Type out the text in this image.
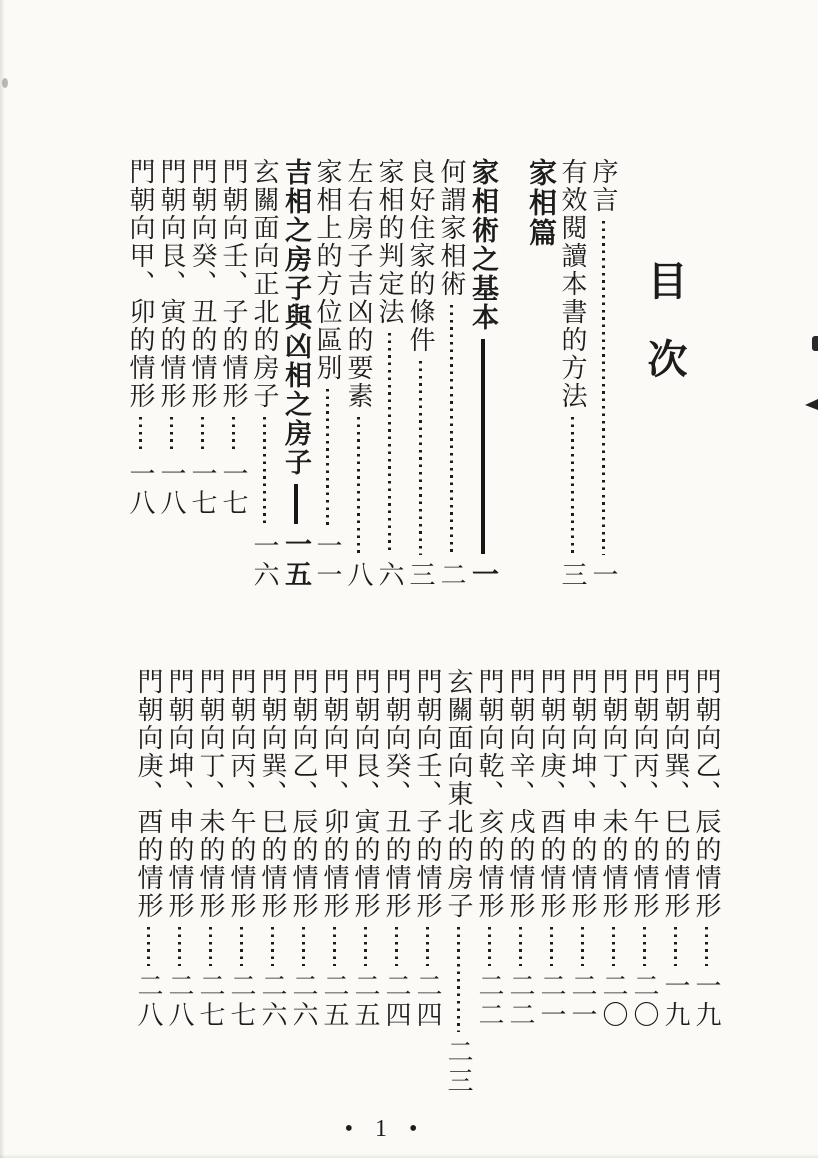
目次
序言
一
有效閱讀本書的方法
三
家相篇
家相術之基本
一
何謂家相術
二
良好住家的條件
三
家相的判定法
六
左右房子吉凶的要素
八
家相上的方位區別
一一
吉相之房子與凶相之房子
一五
玄關面向正北的房子
一六
門朝向壬、子的情形
一七
門朝向癸、丑的情形
一七
門朝向艮、寅的情形
一八
門朝向甲、卯的情形
一八
門朝向乙、辰的情形
一九
門朝向巽、巳的情形
一九
門朝向丙、午的情形
二〇
門朝向丁、未的情形
二〇
門朝向坤、申的情形
二一
門朝向庚、酉的情形
二一
門朝向辛、戌的情形
二二
門朝向乾、亥的情形
二二
玄關面向東北的房子
二三
門朝向壬、子的情形
二四
門朝向癸、丑的情形
二四
門朝向艮、寅的情形
二五
門朝向甲、卯的情形
二五
門朝向乙、辰的情形
二六
門朝向巽、巳的情形
二六
門朝向丙、午的情形
二七
門朝向丁、未的情形
二七
門朝向坤、申的情形
二八
門朝向庚、酉的情形
二八
• 1 •
